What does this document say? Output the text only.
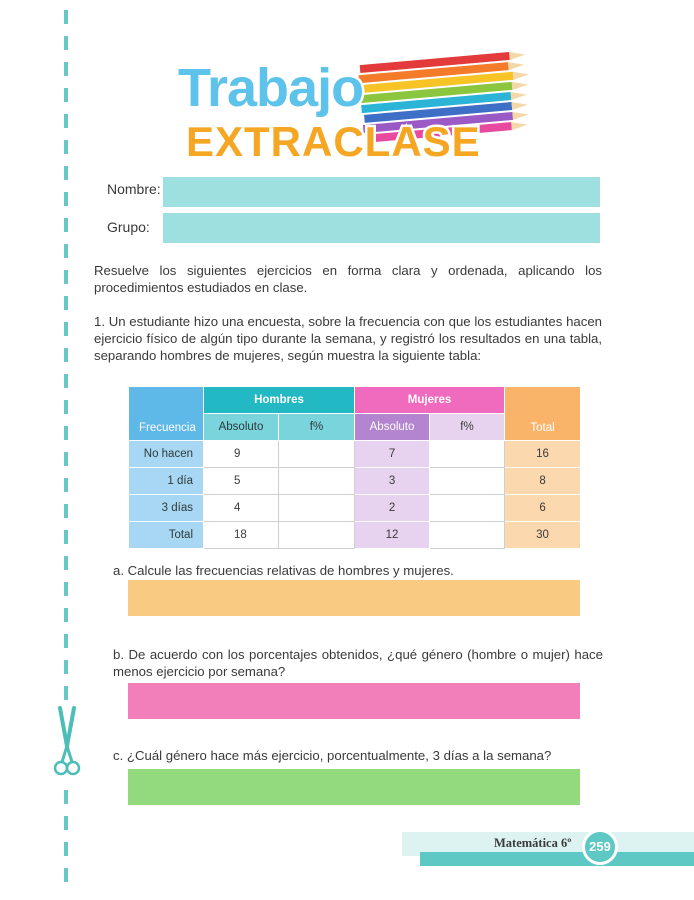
Trabajo
EXTRACLASE
Nombre:
Grupo:
Resuelve los siguientes ejercicios en forma clara y ordenada, aplicando los procedimientos estudiados en clase.
1. Un estudiante hizo una encuesta, sobre la frecuencia con que los estudiantes hacen ejercicio físico de algún tipo durante la semana, y registró los resultados en una tabla, separando hombres de mujeres, según muestra la siguiente tabla:
Frecuencia	Hombres		Mujeres		Total
	Absoluto	f%	Absoluto	f%	
No hacen	9		7		16
1 día	5		3		8
3 días	4		2		6
Total	18		12		30
a. Calcule las frecuencias relativas de hombres y mujeres.
b. De acuerdo con los porcentajes obtenidos, ¿qué género (hombre o mujer) hace menos ejercicio por semana?
c. ¿Cuál género hace más ejercicio, porcentualmente, 3 días a la semana?
Matemática 6º	259
